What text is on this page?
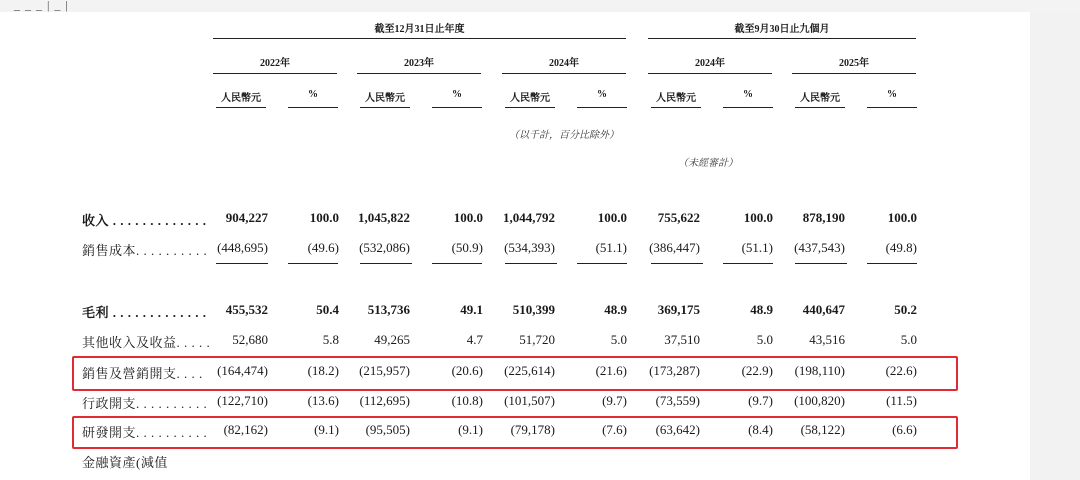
_ _ _ | _ |
截至12月31日止年度	截至9月30日止九個月
2022年	2023年	2024年	2024年	2025年
人民幣元	%	人民幣元	%	人民幣元	%	人民幣元	%	人民幣元	%
（以千計，百分比除外）
（未經審計）
收入 . . . . . . . . . . . . .	904,227	100.0	1,045,822	100.0	1,044,792	100.0	755,622	100.0	878,190	100.0
銷售成本. . . . . . . . . . (448,695)	(49.6)	(532,086)	(50.9)	(534,393)	(51.1)	(386,447)	(51.1)	(437,543)	(49.8)
毛利 . . . . . . . . . . . . .	455,532	50.4	513,736	49.1	510,399	48.9	369,175	48.9	440,647	50.2
其他收入及收益. . . . .	52,680	5.8	49,265	4.7	51,720	5.0	37,510	5.0	43,516	5.0
銷售及營銷開支. . . .	(164,474)	(18.2)	(215,957)	(20.6)	(225,614)	(21.6)	(173,287)	(22.9)	(198,110)	(22.6)
行政開支. . . . . . . . . . (122,710)	(13.6)	(112,695)	(10.8)	(101,507)	(9.7)	(73,559)	(9.7)	(100,820)	(11.5)
研發開支. . . . . . . . . .	(82,162)	(9.1)	(95,505)	(9.1)	(79,178)	(7.6)	(63,642)	(8.4)	(58,122)	(6.6)
金融資產(減值
